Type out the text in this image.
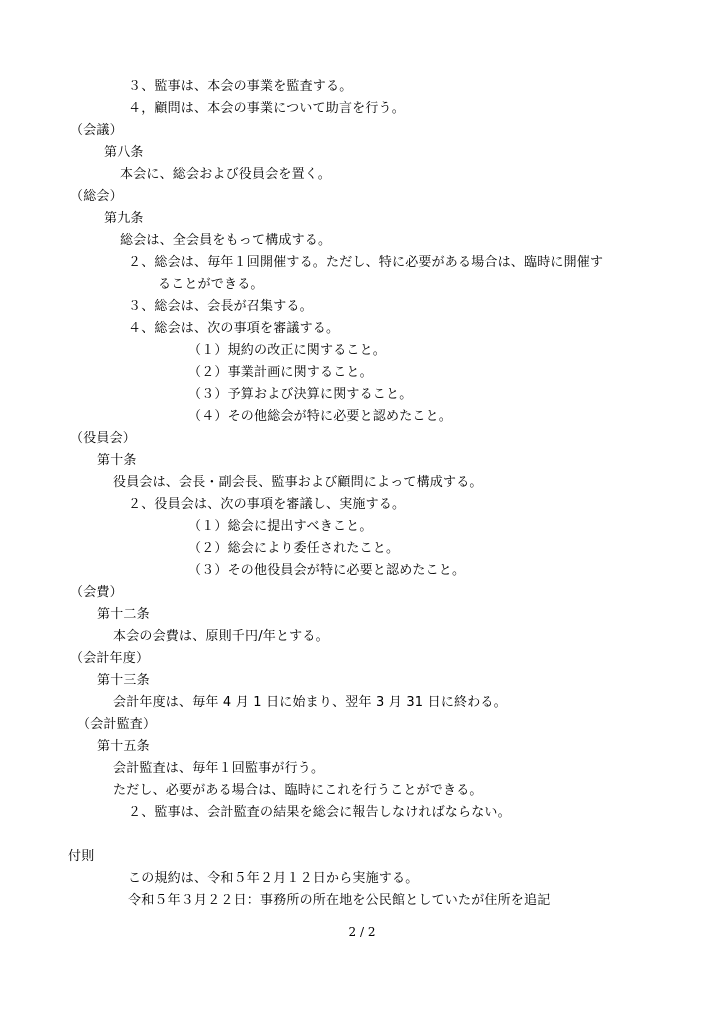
３、監事は、本会の事業を監査する。
４，顧問は、本会の事業について助言を行う。
（会議）
第八条
本会に、総会および役員会を置く。
（総会）
第九条
総会は、全会員をもって構成する。
２、総会は、毎年１回開催する。ただし、特に必要がある場合は、臨時に開催す
ることができる。
３、総会は、会長が召集する。
４、総会は、次の事項を審議する。
（１）規約の改正に関すること。
（２）事業計画に関すること。
（３）予算および決算に関すること。
（４）その他総会が特に必要と認めたこと。
（役員会）
第十条
役員会は、会長・副会長、監事および顧問によって構成する。
２、役員会は、次の事項を審議し、実施する。
（１）総会に提出すべきこと。
（２）総会により委任されたこと。
（３）その他役員会が特に必要と認めたこと。
（会費）
第十二条
本会の会費は、原則千円/年とする。
（会計年度）
第十三条
会計年度は、毎年 4 月 1 日に始まり、翌年 3 月 31 日に終わる。
（会計監査）
第十五条
会計監査は、毎年１回監事が行う。
ただし、必要がある場合は、臨時にこれを行うことができる。
２、監事は、会計監査の結果を総会に報告しなければならない。
付則
この規約は、令和５年２月１２日から実施する。
令和５年３月２２日：事務所の所在地を公民館としていたが住所を追記
2 / 2
